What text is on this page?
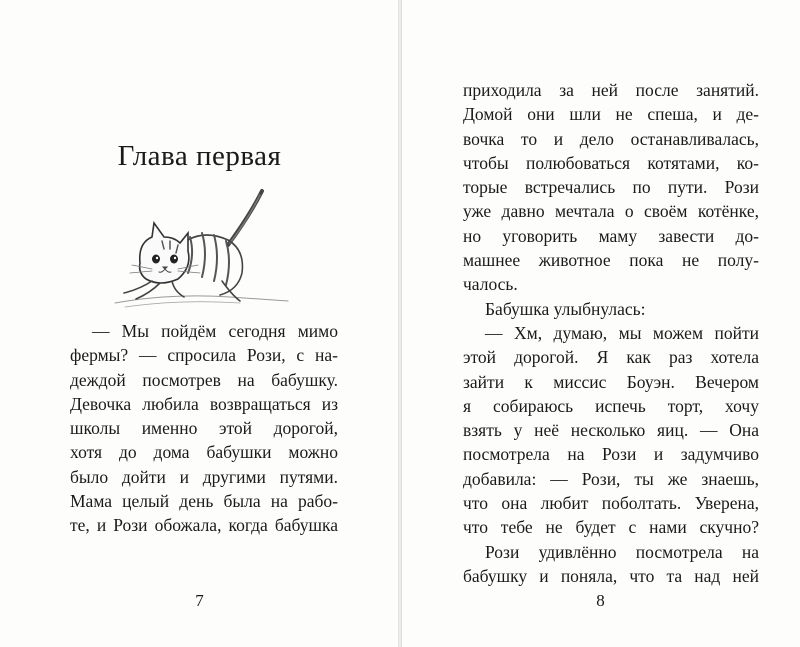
Глава первая
— Мы пойдём сегодня мимо
фермы? — спросила Рози, с на-
деждой посмотрев на бабушку.
Девочка любила возвращаться из
школы именно этой дорогой,
хотя до дома бабушки можно
было дойти и другими путями.
Мама целый день была на рабо-
те, и Рози обожала, когда бабушка
7
приходила за ней после занятий.
Домой они шли не спеша, и де-
вочка то и дело останавливалась,
чтобы полюбоваться котятами, ко-
торые встречались по пути. Рози
уже давно мечтала о своём котёнке,
но уговорить маму завести до-
машнее животное пока не полу-
чалось.
Бабушка улыбнулась:
— Хм, думаю, мы можем пойти
этой дорогой. Я как раз хотела
зайти к миссис Боуэн. Вечером
я собираюсь испечь торт, хочу
взять у неё несколько яиц. — Она
посмотрела на Рози и задумчиво
добавила: — Рози, ты же знаешь,
что она любит поболтать. Уверена,
что тебе не будет с нами скучно?
Рози удивлённо посмотрела на
бабушку и поняла, что та над ней
8
